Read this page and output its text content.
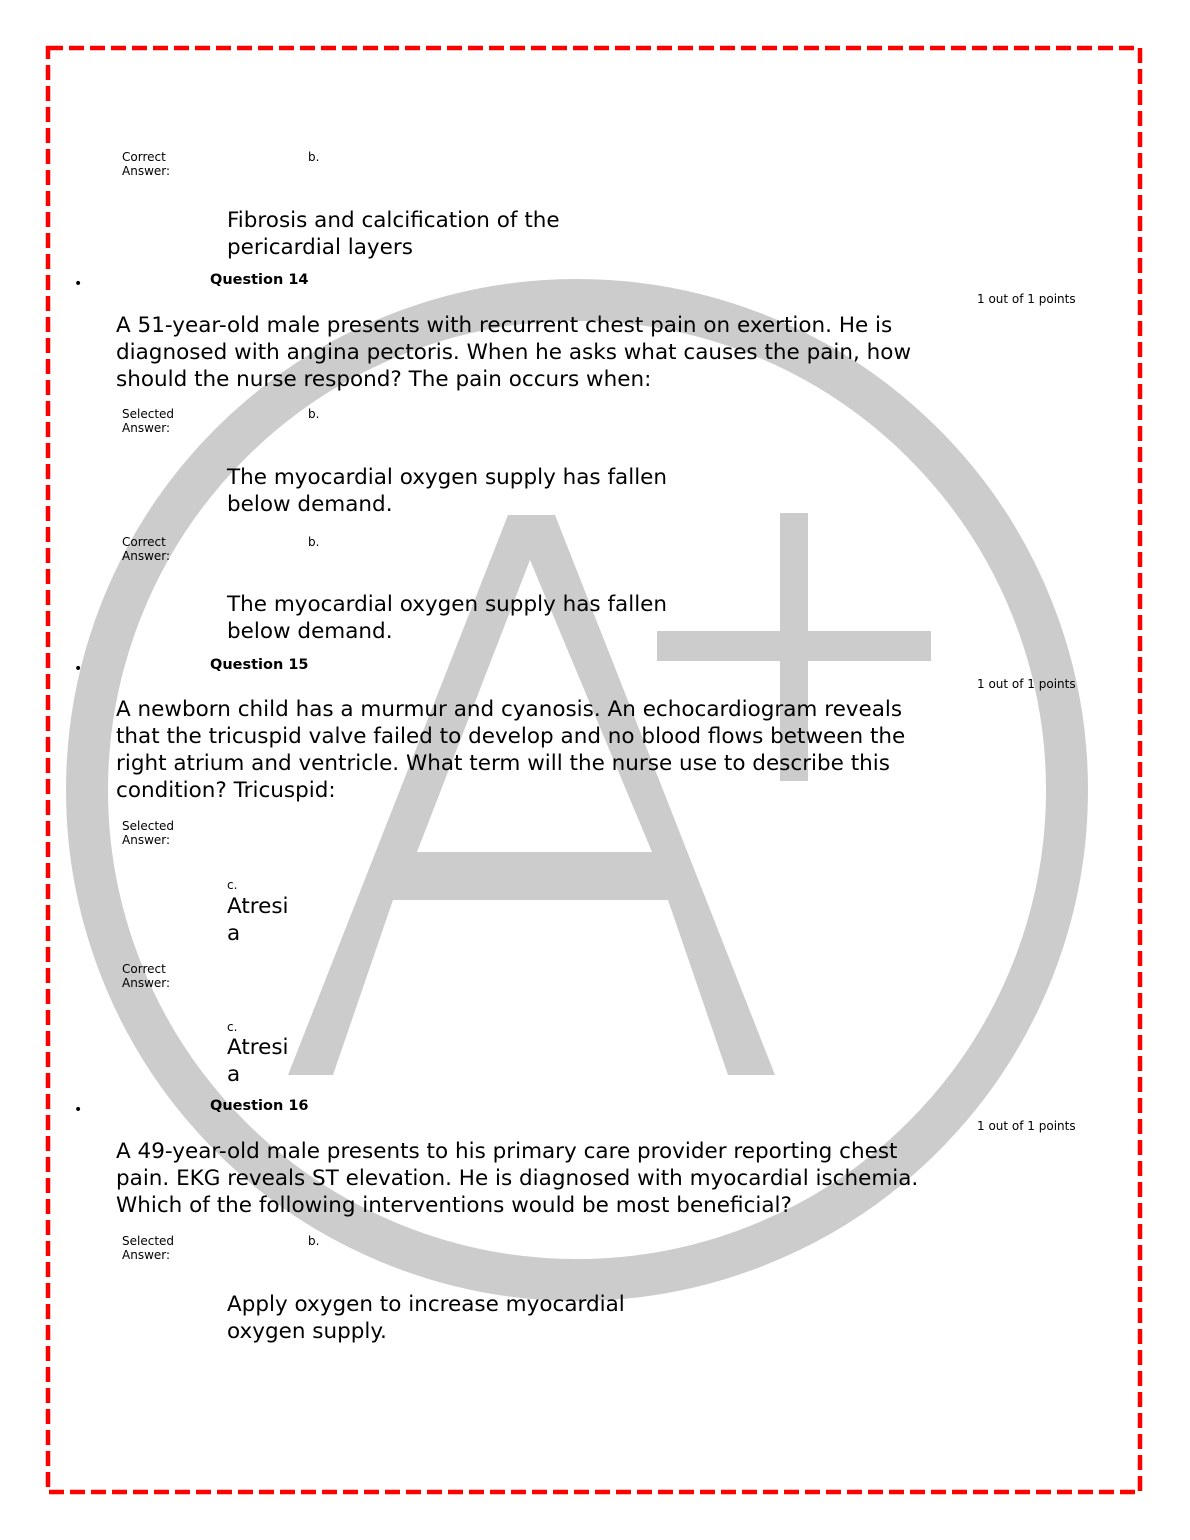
Correct
Answer:
b.
Fibrosis and calcification of the
pericardial layers
•	Question 14
1 out of 1 points
A 51-year-old male presents with recurrent chest pain on exertion. He is
diagnosed with angina pectoris. When he asks what causes the pain, how
should the nurse respond? The pain occurs when:
Selected
Answer:
b.
The myocardial oxygen supply has fallen
below demand.
Correct
Answer:
b.
The myocardial oxygen supply has fallen
below demand.
•	Question 15
1 out of 1 points
A newborn child has a murmur and cyanosis. An echocardiogram reveals
that the tricuspid valve failed to develop and no blood flows between the
right atrium and ventricle. What term will the nurse use to describe this
condition? Tricuspid:
Selected
Answer:
c.
Atresi
a
Correct
Answer:
c.
Atresi
a
•	Question 16
1 out of 1 points
A 49-year-old male presents to his primary care provider reporting chest
pain. EKG reveals ST elevation. He is diagnosed with myocardial ischemia.
Which of the following interventions would be most beneficial?
Selected
Answer:
b.
Apply oxygen to increase myocardial
oxygen supply.
